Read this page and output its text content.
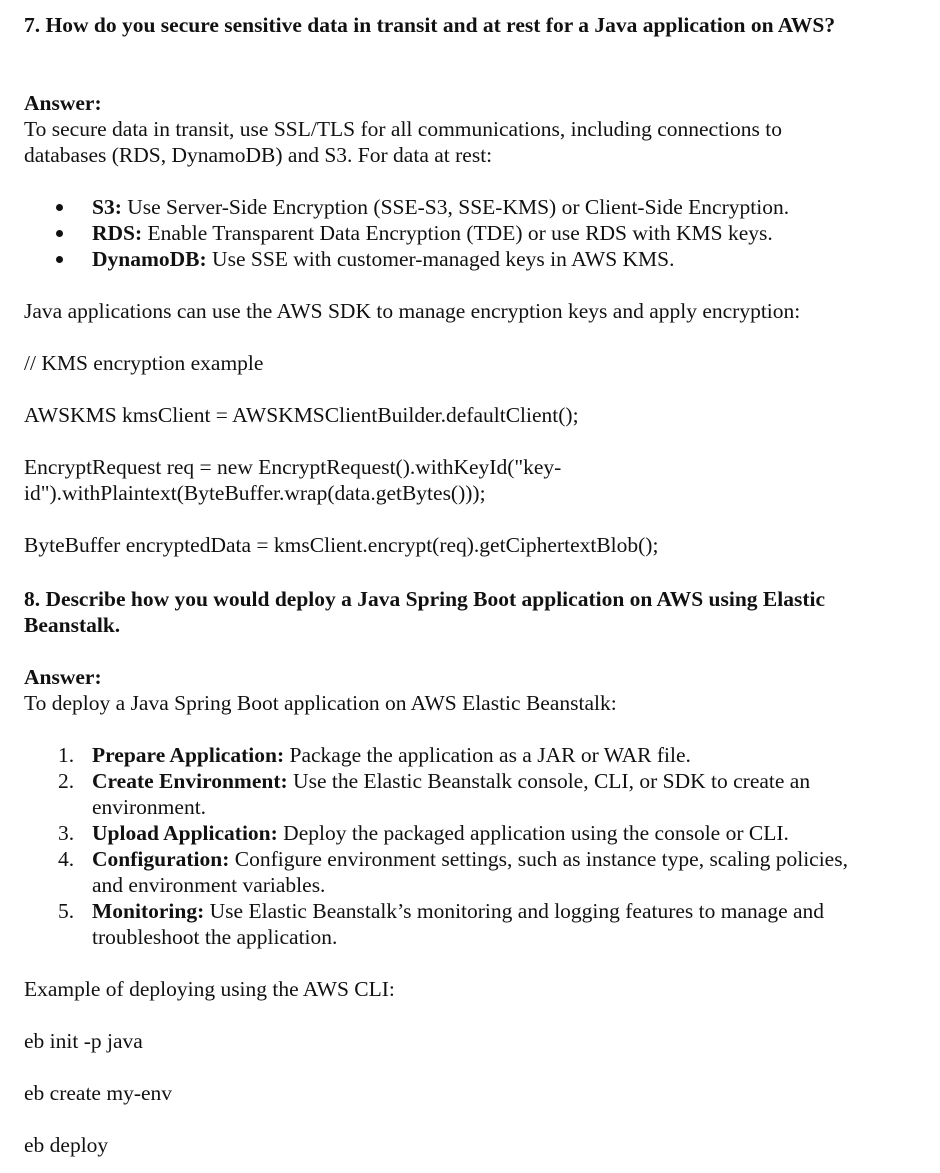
7. How do you secure sensitive data in transit and at rest for a Java application on AWS?
Answer:
To secure data in transit, use SSL/TLS for all communications, including connections to databases (RDS, DynamoDB) and S3. For data at rest:
S3: Use Server-Side Encryption (SSE-S3, SSE-KMS) or Client-Side Encryption.
RDS: Enable Transparent Data Encryption (TDE) or use RDS with KMS keys.
DynamoDB: Use SSE with customer-managed keys in AWS KMS.
Java applications can use the AWS SDK to manage encryption keys and apply encryption:
// KMS encryption example
AWSKMS kmsClient = AWSKMSClientBuilder.defaultClient();
EncryptRequest req = new EncryptRequest().withKeyId("key-
id").withPlaintext(ByteBuffer.wrap(data.getBytes()));
ByteBuffer encryptedData = kmsClient.encrypt(req).getCiphertextBlob();
8. Describe how you would deploy a Java Spring Boot application on AWS using Elastic Beanstalk.
Answer:
To deploy a Java Spring Boot application on AWS Elastic Beanstalk:
1. Prepare Application: Package the application as a JAR or WAR file.
2. Create Environment: Use the Elastic Beanstalk console, CLI, or SDK to create an environment.
3. Upload Application: Deploy the packaged application using the console or CLI.
4. Configuration: Configure environment settings, such as instance type, scaling policies, and environment variables.
5. Monitoring: Use Elastic Beanstalk’s monitoring and logging features to manage and troubleshoot the application.
Example of deploying using the AWS CLI:
eb init -p java
eb create my-env
eb deploy
